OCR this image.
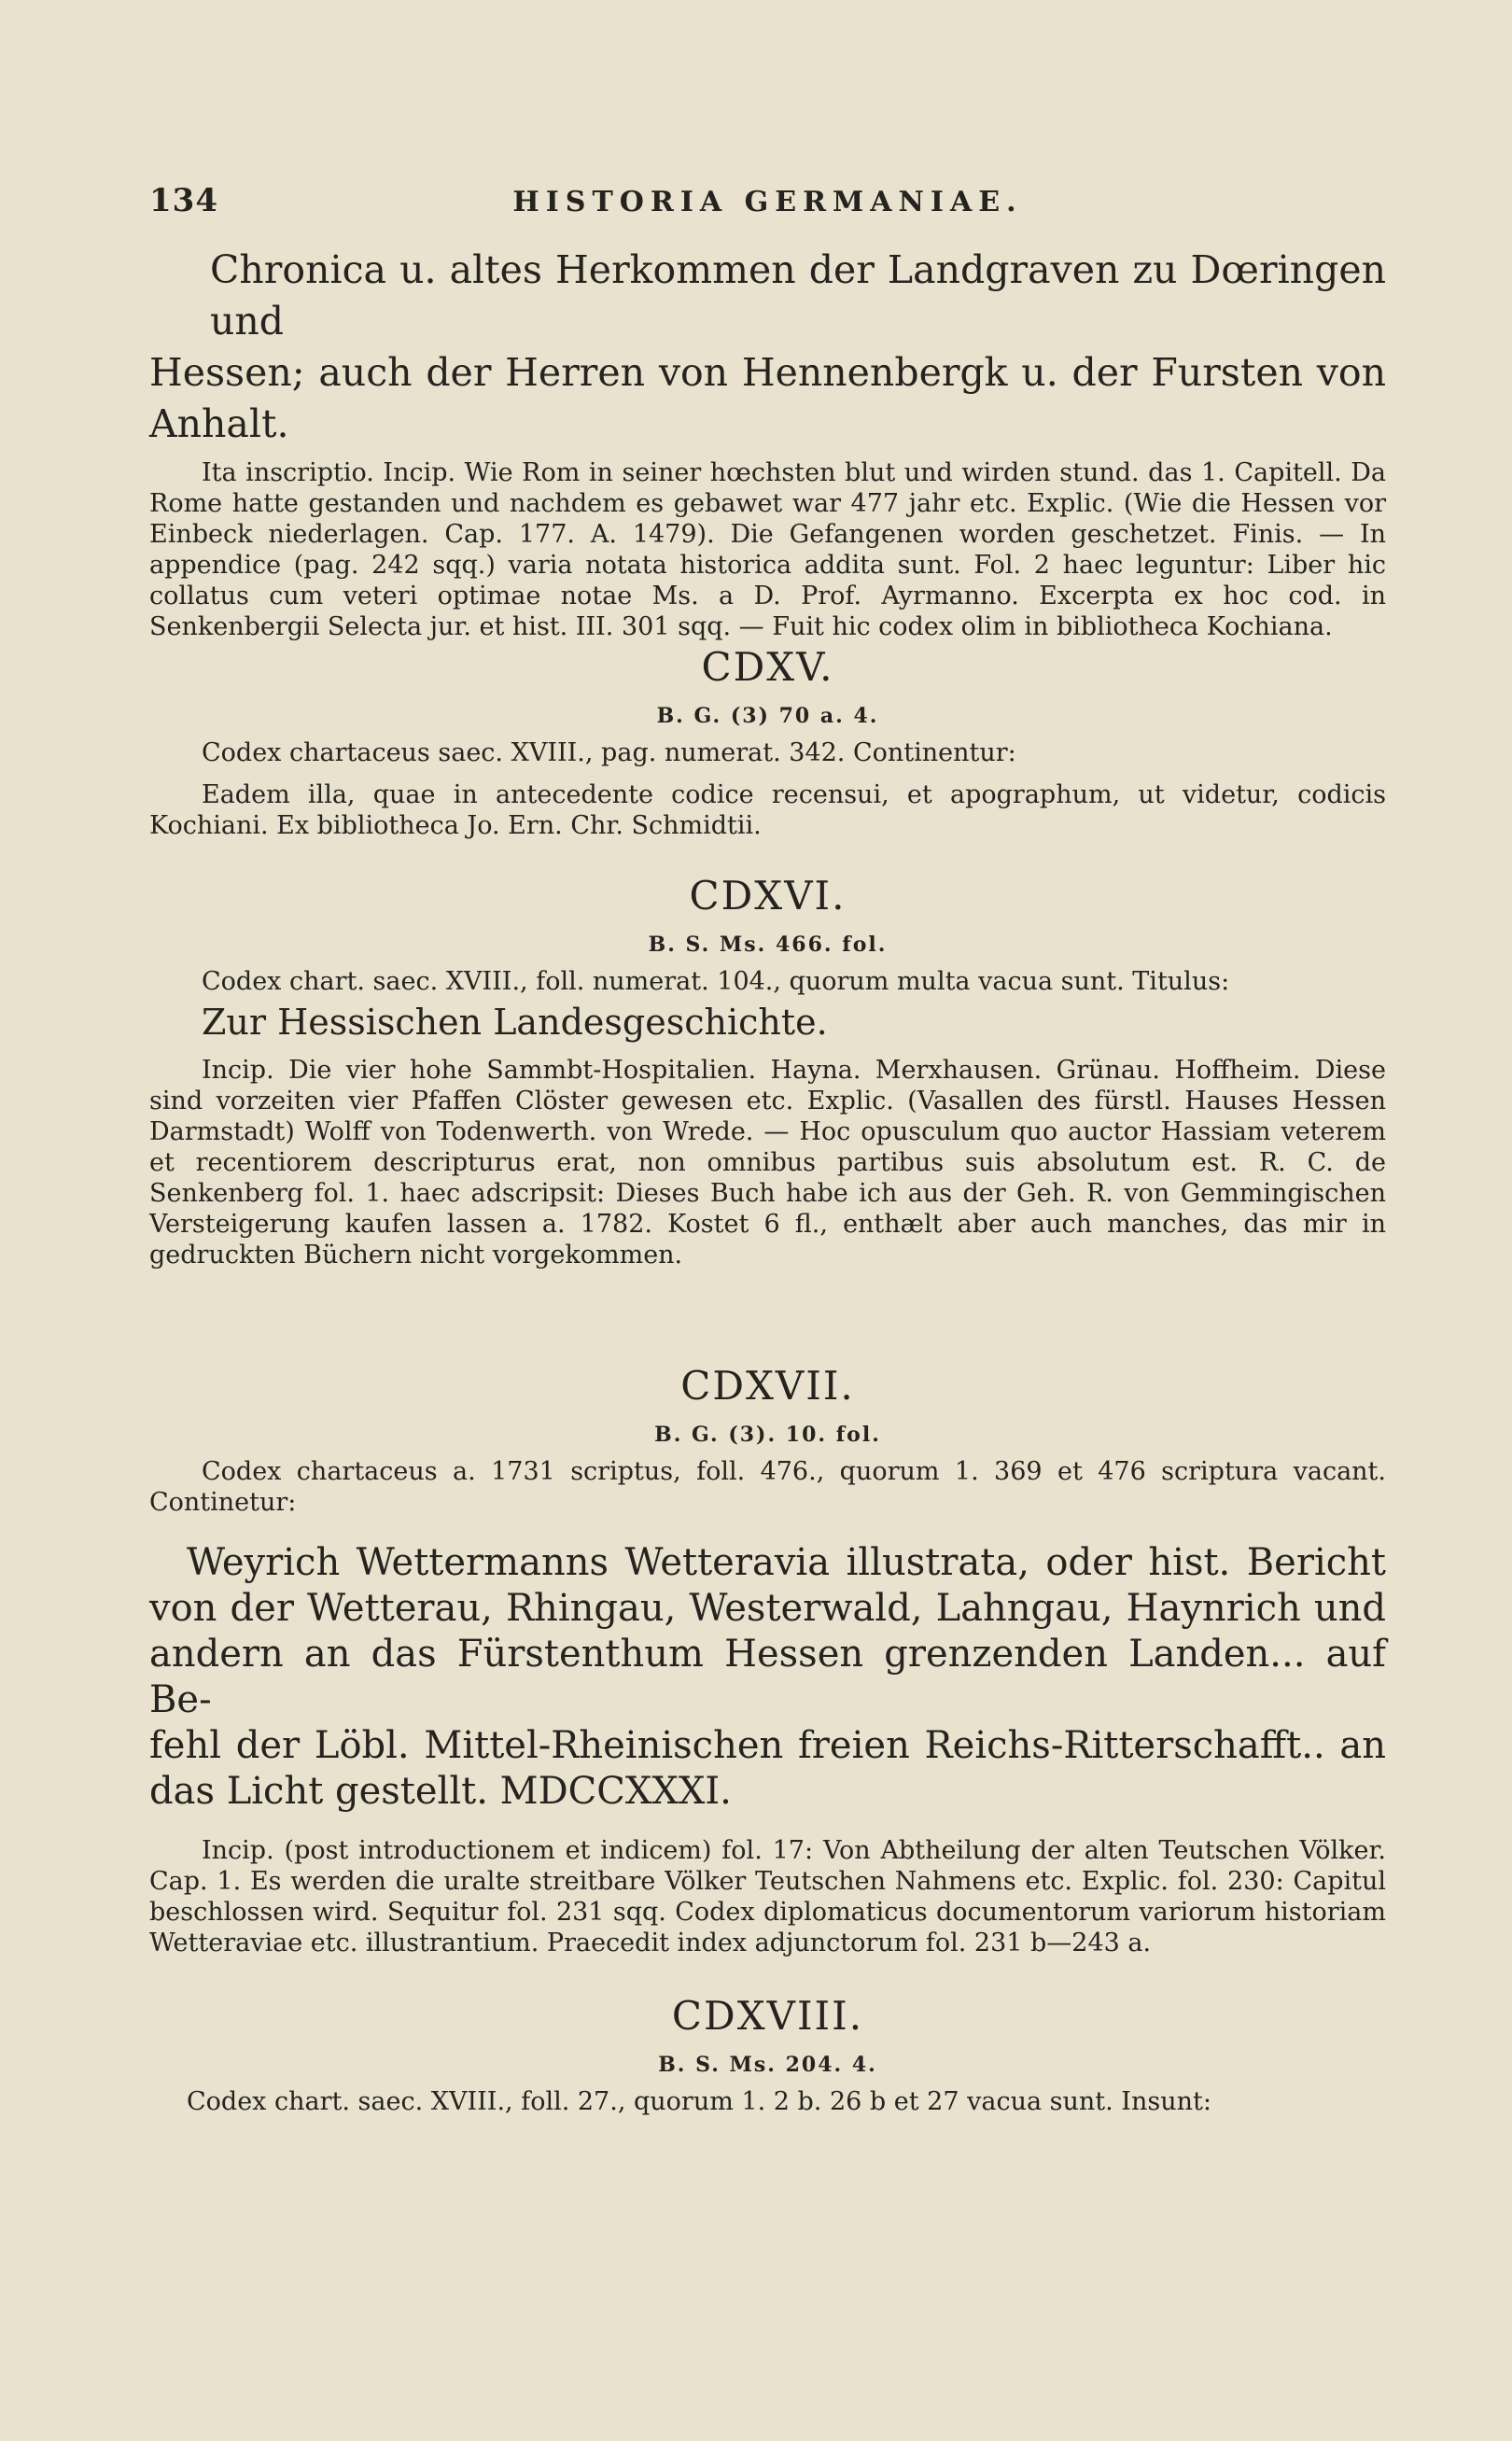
134	HISTORIA GERMANIAE.

Chronica u. altes Herkommen der Landgraven zu Dœringen und

Hessen; auch der Herren von Hennenbergk u. der Fursten von Anhalt.

Ita inscriptio. Incip. Wie Rom in seiner hœchsten blut und wirden stund. das 1. Capitell. Da Rome hatte gestanden und nachdem es gebawet war 477 jahr etc. Explic. (Wie die Hessen vor Einbeck niederlagen. Cap. 177. A. 1479). Die Gefangenen worden geschetzet. Finis. — In appendice (pag. 242 sqq.) varia notata historica addita sunt. Fol. 2 haec leguntur: Liber hic collatus cum veteri optimae notae Ms. a D. Prof. Ayrmanno. Excerpta ex hoc cod. in Senkenbergii Selecta jur. et hist. III. 301 sqq. — Fuit hic codex olim in bibliotheca Kochiana.

CDXV.
B. G. (3) 70 a. 4.

Codex chartaceus saec. XVIII., pag. numerat. 342. Continentur:

Eadem illa, quae in antecedente codice recensui, et apographum, ut videtur, codicis Kochiani. Ex bibliotheca Jo. Ern. Chr. Schmidtii.

CDXVI.
B. S. Ms. 466. fol.

Codex chart. saec. XVIII., foll. numerat. 104., quorum multa vacua sunt. Titulus:

Zur Hessischen Landesgeschichte.

Incip. Die vier hohe Sammbt-Hospitalien. Hayna. Merxhausen. Grünau. Hoffheim. Diese sind vorzeiten vier Pfaffen Clöster gewesen etc. Explic. (Vasallen des fürstl. Hauses Hessen Darmstadt) Wolff von Todenwerth. von Wrede. — Hoc opusculum quo auctor Hassiam veterem et recentiorem descripturus erat, non omnibus partibus suis absolutum est. R. C. de Senkenberg fol. 1. haec adscripsit: Dieses Buch habe ich aus der Geh. R. von Gemmingischen Versteigerung kaufen lassen a. 1782. Kostet 6 fl., enthælt aber auch manches, das mir in gedruckten Büchern nicht vorgekommen.

CDXVII.
B. G. (3). 10. fol.

Codex chartaceus a. 1731 scriptus, foll. 476., quorum 1. 369 et 476 scriptura vacant. Continetur:

Weyrich Wettermanns Wetteravia illustrata, oder hist. Bericht

von der Wetterau, Rhingau, Westerwald, Lahngau, Haynrich und

andern an das Fürstenthum Hessen grenzenden Landen... auf Be-

fehl der Löbl. Mittel-Rheinischen freien Reichs-Ritterschafft.. an

das Licht gestellt. MDCCXXXI.

Incip. (post introductionem et indicem) fol. 17: Von Abtheilung der alten Teutschen Völker. Cap. 1. Es werden die uralte streitbare Völker Teutschen Nahmens etc. Explic. fol. 230: Capitul beschlossen wird. Sequitur fol. 231 sqq. Codex diplomaticus documentorum variorum historiam Wetteraviae etc. illustrantium. Praecedit index adjunctorum fol. 231 b—243 a.

CDXVIII.
B. S. Ms. 204. 4.

Codex chart. saec. XVIII., foll. 27., quorum 1. 2 b. 26 b et 27 vacua sunt. Insunt:
